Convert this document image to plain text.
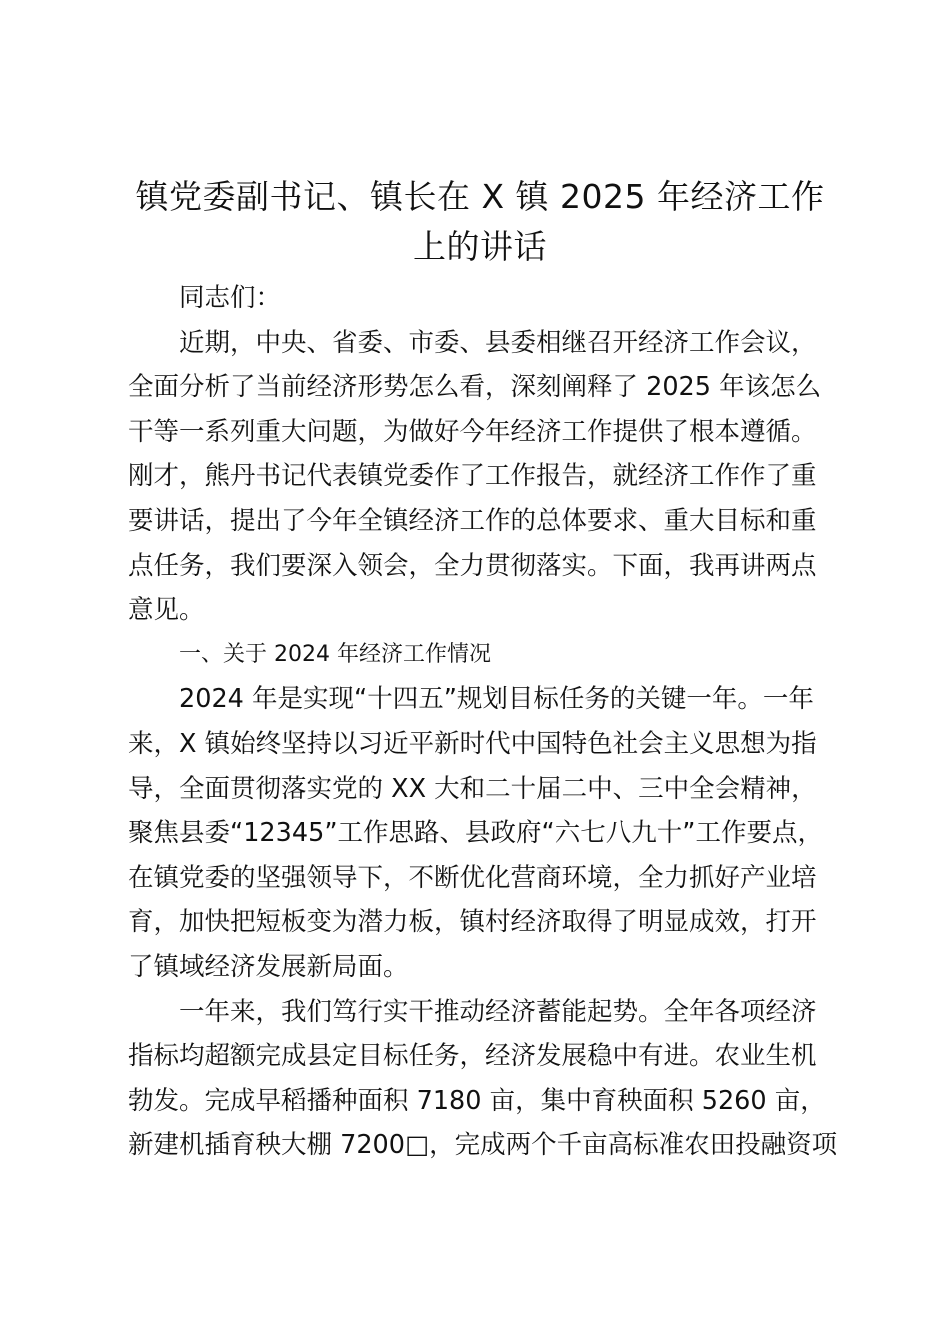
镇党委副书记、镇长在 X 镇 2025 年经济工作
上的讲话
同志们：
近期，中央、省委、市委、县委相继召开经济工作会议，
全面分析了当前经济形势怎么看，深刻阐释了 2025 年该怎么
干等一系列重大问题，为做好今年经济工作提供了根本遵循。
刚才，熊丹书记代表镇党委作了工作报告，就经济工作作了重
要讲话，提出了今年全镇经济工作的总体要求、重大目标和重
点任务，我们要深入领会，全力贯彻落实。下面，我再讲两点
意见。
一、关于 2024 年经济工作情况
2024 年是实现“十四五”规划目标任务的关键一年。一年
来，X 镇始终坚持以习近平新时代中国特色社会主义思想为指
导，全面贯彻落实党的 XX 大和二十届二中、三中全会精神，
聚焦县委“12345”工作思路、县政府“六七八九十”工作要点，
在镇党委的坚强领导下，不断优化营商环境，全力抓好产业培
育，加快把短板变为潜力板，镇村经济取得了明显成效，打开
了镇域经济发展新局面。
一年来，我们笃行实干推动经济蓄能起势。全年各项经济
指标均超额完成县定目标任务，经济发展稳中有进。农业生机
勃发。完成早稻播种面积 7180 亩，集中育秧面积 5260 亩，
新建机插育秧大棚 7200□，完成两个千亩高标准农田投融资项
